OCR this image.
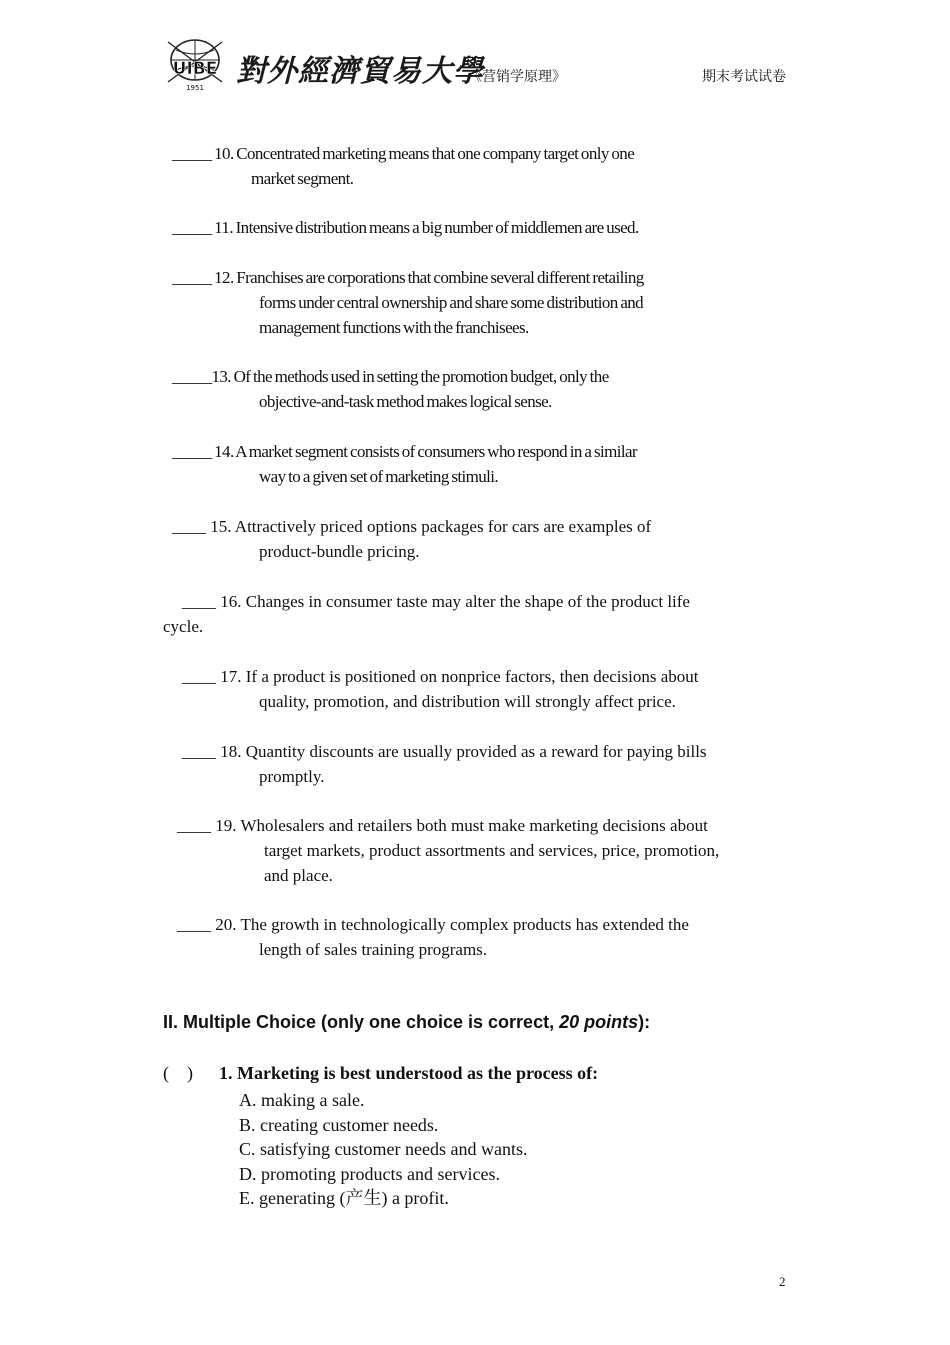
UIBE
1951 對外經濟貿易大學
《营销学原理》	期末考试试卷
_____ 10. Concentrated marketing means that one company target only one
market segment.
_____ 11. Intensive distribution means a big number of middlemen are used.
_____ 12. Franchises are corporations that combine several different retailing
forms under central ownership and share some distribution and
management functions with the franchisees.
_____13. Of the methods used in setting the promotion budget, only the
objective-and-task method makes logical sense.
_____ 14. A market segment consists of consumers who respond in a similar
way to a given set of marketing stimuli.
____ 15. Attractively priced options packages for cars are examples of
product-bundle pricing.
____ 16. Changes in consumer taste may alter the shape of the product life
cycle.
____ 17. If a product is positioned on nonprice factors, then decisions about
quality, promotion, and distribution will strongly affect price.
____ 18. Quantity discounts are usually provided as a reward for paying bills
promptly.
____ 19. Wholesalers and retailers both must make marketing decisions about
target markets, product assortments and services, price, promotion,
and place.
____ 20. The growth in technologically complex products has extended the
length of sales training programs.
II. Multiple Choice (only one choice is correct, 20 points):
(    ) 1. Marketing is best understood as the process of:
A. making a sale.
B. creating customer needs.
C. satisfying customer needs and wants.
D. promoting products and services.
E. generating (产生) a profit.
2
